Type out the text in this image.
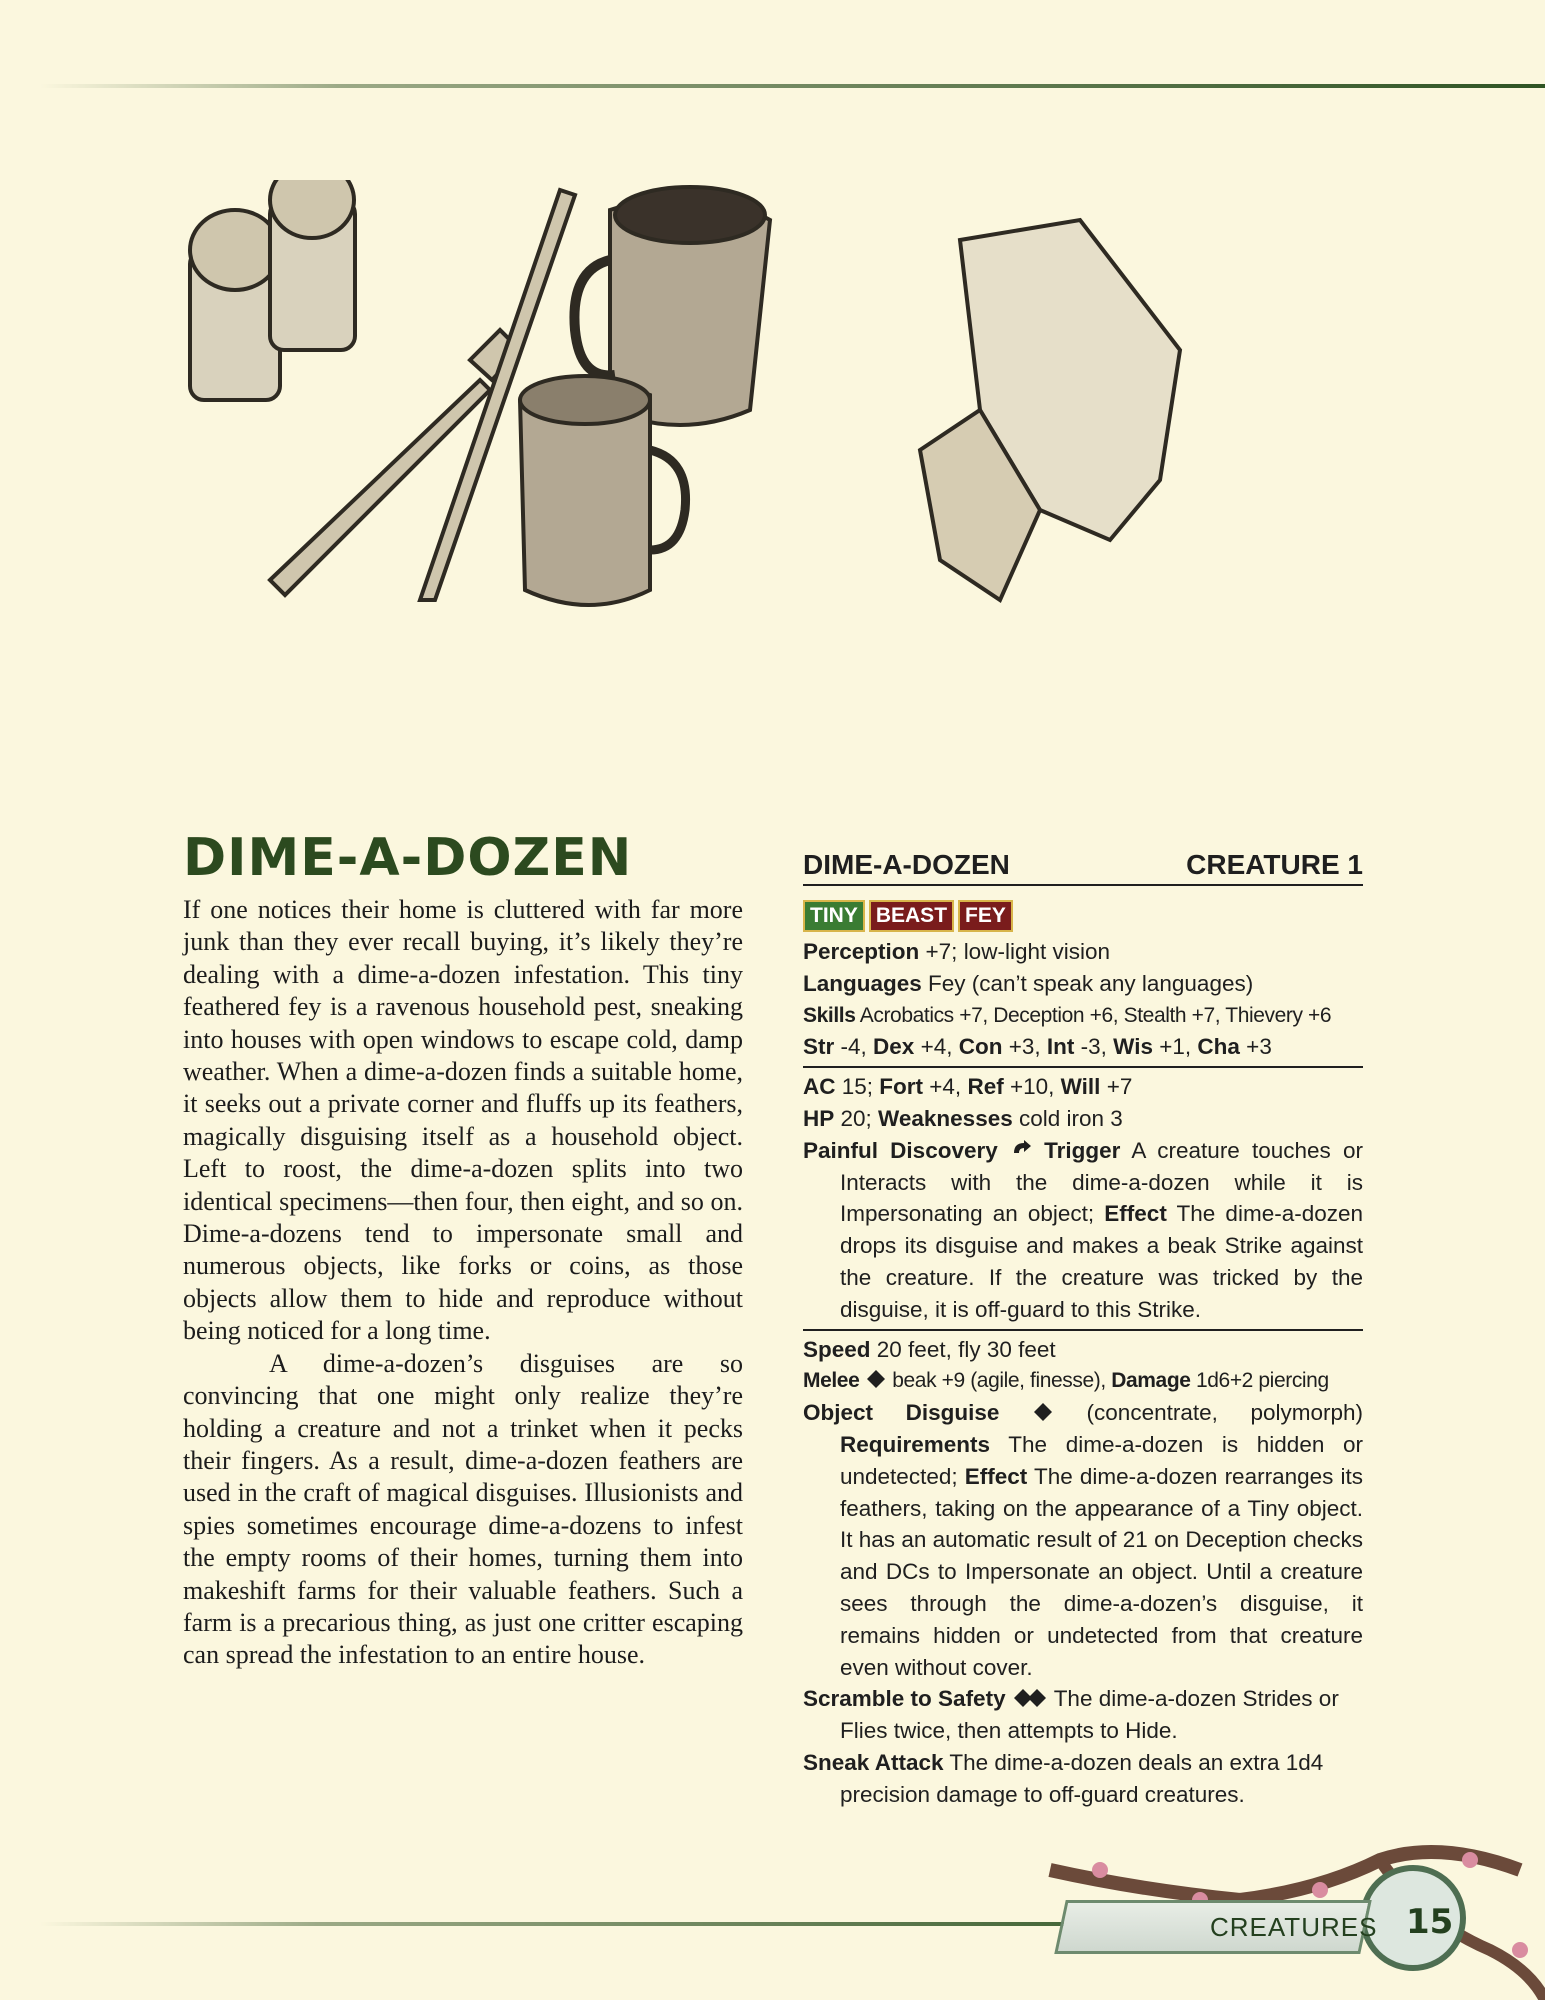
DIME-A-DOZEN

If one notices their home is cluttered with far more junk than they ever recall buying, it’s likely they’re dealing with a dime-a-dozen infestation. This tiny feathered fey is a ravenous household pest, sneaking into houses with open windows to escape cold, damp weather. When a dime-a-dozen finds a suitable home, it seeks out a private corner and fluffs up its feathers, magically disguising itself as a household object. Left to roost, the dime-a-dozen splits into two identical specimens—then four, then eight, and so on. Dime-a-dozens tend to impersonate small and numerous objects, like forks or coins, as those objects allow them to hide and reproduce without being noticed for a long time.

A dime-a-dozen’s disguises are so convincing that one might only realize they’re holding a creature and not a trinket when it pecks their fingers. As a result, dime-a-dozen feathers are used in the craft of magical disguises. Illusionists and spies sometimes encourage dime-a-dozens to infest the empty rooms of their homes, turning them into makeshift farms for their valuable feathers. Such a farm is a precarious thing, as just one critter escaping can spread the infestation to an entire house.

DIME-A-DOZEN	CREATURE 1
TINY BEAST FEY

Perception +7; low-light vision

Languages Fey (can’t speak any languages)

Skills Acrobatics +7, Deception +6, Stealth +7, Thievery +6

Str -4, Dex +4, Con +3, Int -3, Wis +1, Cha +3

AC 15; Fort +4, Ref +10, Will +7

HP 20; Weaknesses cold iron 3

Painful Discovery Trigger A creature touches or Interacts with the dime-a-dozen while it is Impersonating an object; Effect The dime-a-dozen drops its disguise and makes a beak Strike against the creature. If the creature was tricked by the disguise, it is off-guard to this Strike.

Speed 20 feet, fly 30 feet

Melee  beak +9 (agile, finesse), Damage 1d6+2 piercing

Object Disguise  (concentrate, polymorph) Requirements The dime-a-dozen is hidden or undetected; Effect The dime-a-dozen rearranges its feathers, taking on the appearance of a Tiny object. It has an automatic result of 21 on Deception checks and DCs to Impersonate an object. Until a creature sees through the dime-a-dozen’s disguise, it remains hidden or undetected from that creature even without cover.

Scramble to Safety  The dime-a-dozen Strides or Flies twice, then attempts to Hide.

Sneak Attack The dime-a-dozen deals an extra 1d4 precision damage to off-guard creatures.

CREATURES 15
